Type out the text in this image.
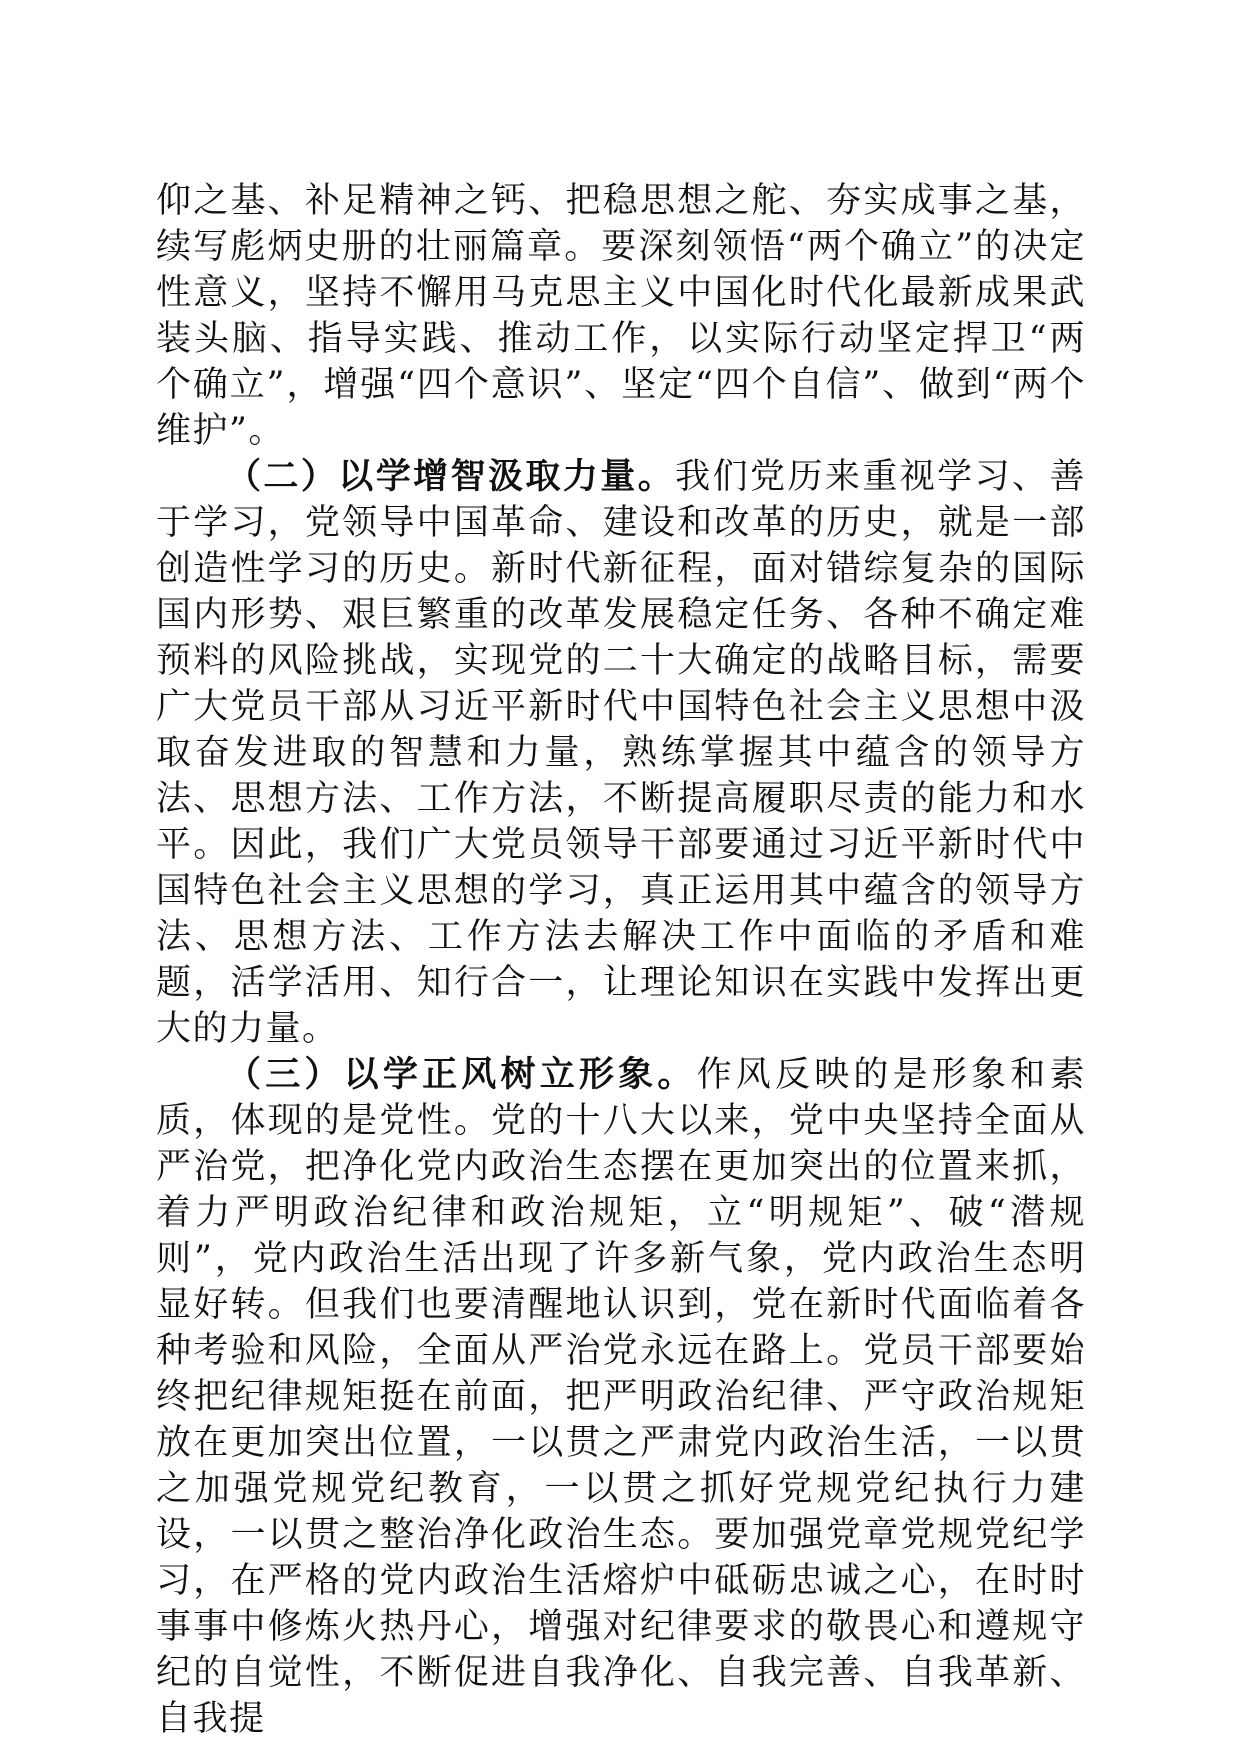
仰之基、补足精神之钙、把稳思想之舵、夯实成事之基，续写彪炳史册的壮丽篇章。要深刻领悟“两个确立”的决定性意义，坚持不懈用马克思主义中国化时代化最新成果武装头脑、指导实践、推动工作，以实际行动坚定捍卫“两个确立”，增强“四个意识”、坚定“四个自信”、做到“两个维护”。

（二）以学增智汲取力量。我们党历来重视学习、善于学习，党领导中国革命、建设和改革的历史，就是一部创造性学习的历史。新时代新征程，面对错综复杂的国际国内形势、艰巨繁重的改革发展稳定任务、各种不确定难预料的风险挑战，实现党的二十大确定的战略目标，需要广大党员干部从习近平新时代中国特色社会主义思想中汲取奋发进取的智慧和力量，熟练掌握其中蕴含的领导方法、思想方法、工作方法，不断提高履职尽责的能力和水平。因此，我们广大党员领导干部要通过习近平新时代中国特色社会主义思想的学习，真正运用其中蕴含的领导方法、思想方法、工作方法去解决工作中面临的矛盾和难题，活学活用、知行合一，让理论知识在实践中发挥出更大的力量。

（三）以学正风树立形象。作风反映的是形象和素质，体现的是党性。党的十八大以来，党中央坚持全面从严治党，把净化党内政治生态摆在更加突出的位置来抓，着力严明政治纪律和政治规矩，立“明规矩”、破“潜规则”，党内政治生活出现了许多新气象，党内政治生态明显好转。但我们也要清醒地认识到，党在新时代面临着各种考验和风险，全面从严治党永远在路上。党员干部要始终把纪律规矩挺在前面，把严明政治纪律、严守政治规矩放在更加突出位置，一以贯之严肃党内政治生活，一以贯之加强党规党纪教育，一以贯之抓好党规党纪执行力建设，一以贯之整治净化政治生态。要加强党章党规党纪学习，在严格的党内政治生活熔炉中砥砺忠诚之心，在时时事事中修炼火热丹心，增强对纪律要求的敬畏心和遵规守纪的自觉性，不断促进自我净化、自我完善、自我革新、自我提
